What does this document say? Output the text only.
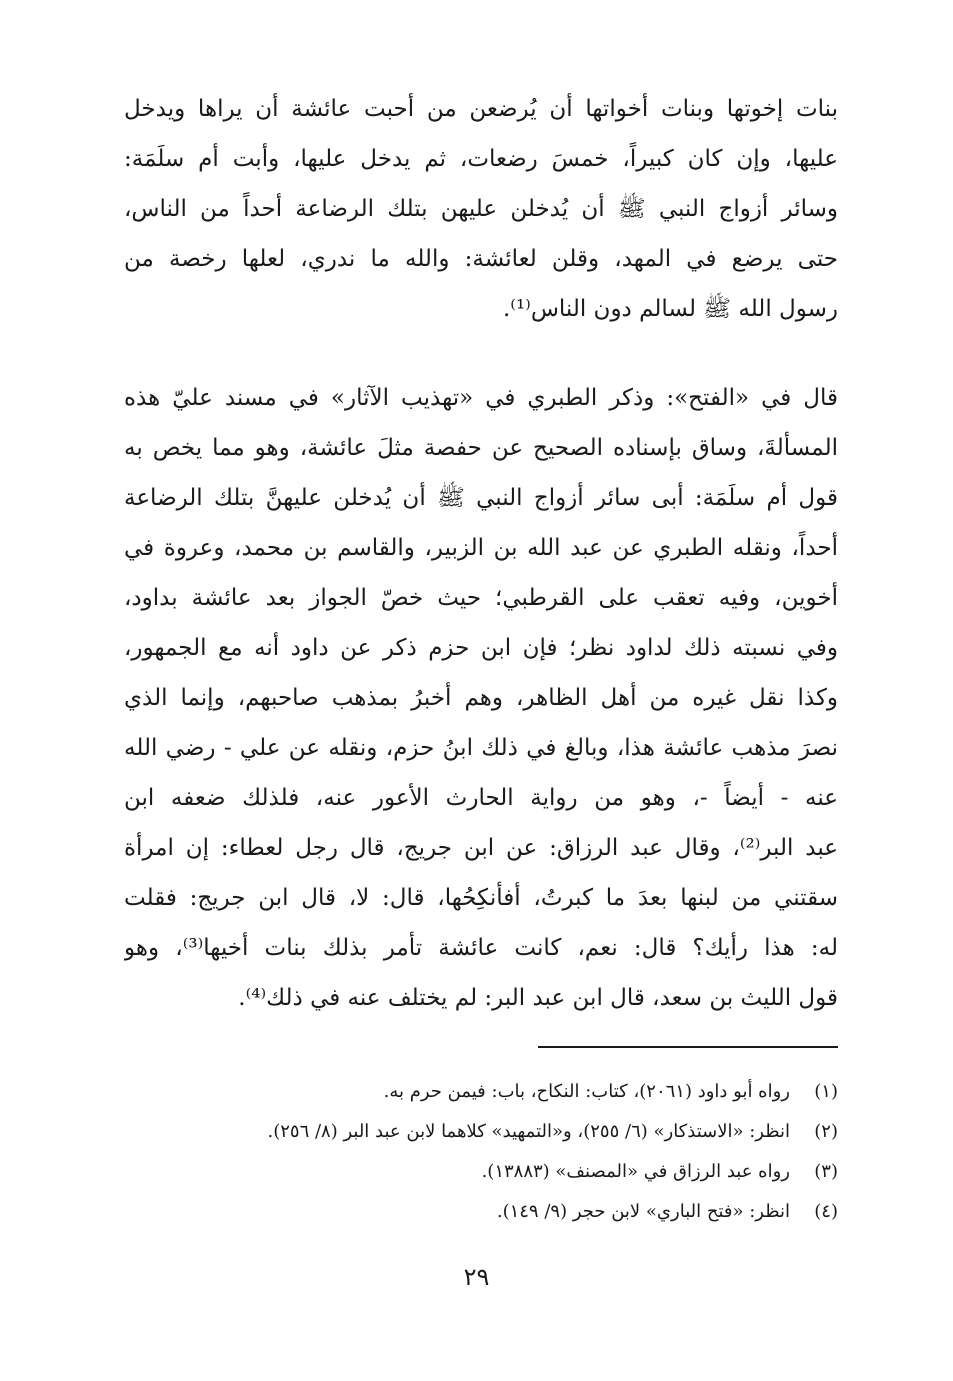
بنات إخوتها وبنات أخواتها أن يُرضعن من أحبت عائشة أن يراها ويدخل
عليها، وإن كان كبيراً، خمسَ رضعات، ثم يدخل عليها، وأبت أم سلَمَة:
وسائر أزواج النبي ﷺ أن يُدخلن عليهن بتلك الرضاعة أحداً من الناس،
حتى يرضع في المهد، وقلن لعائشة: والله ما ندري، لعلها رخصة من
رسول الله ﷺ لسالم دون الناس⁽¹⁾.
قال في «الفتح»: وذكر الطبري في «تهذيب الآثار» في مسند عليّ هذه
المسألةَ، وساق بإسناده الصحيح عن حفصة مثلَ عائشة، وهو مما يخص به
قول أم سلَمَة: أبى سائر أزواج النبي ﷺ أن يُدخلن عليهنَّ بتلك الرضاعة
أحداً، ونقله الطبري عن عبد الله بن الزبير، والقاسم بن محمد، وعروة في
أخوين، وفيه تعقب على القرطبي؛ حيث خصّ الجواز بعد عائشة بداود،
وفي نسبته ذلك لداود نظر؛ فإن ابن حزم ذكر عن داود أنه مع الجمهور،
وكذا نقل غيره من أهل الظاهر، وهم أخبرُ بمذهب صاحبهم، وإنما الذي
نصرَ مذهب عائشة هذا، وبالغ في ذلك ابنُ حزم، ونقله عن علي - رضي الله
عنه - أيضاً -، وهو من رواية الحارث الأعور عنه، فلذلك ضعفه ابن
عبد البر⁽²⁾، وقال عبد الرزاق: عن ابن جريج، قال رجل لعطاء: إن امرأة
سقتني من لبنها بعدَ ما كبرتُ، أفأنكِحُها، قال: لا، قال ابن جريج: فقلت
له: هذا رأيك؟ قال: نعم، كانت عائشة تأمر بذلك بنات أخيها⁽³⁾، وهو
قول الليث بن سعد، قال ابن عبد البر: لم يختلف عنه في ذلك⁽⁴⁾.
(١)
رواه أبو داود (٢٠٦١)، كتاب: النكاح، باب: فيمن حرم به.
(٢)
انظر: «الاستذكار» (٦/ ٢٥٥)، و«التمهيد» كلاهما لابن عبد البر (٨/ ٢٥٦).
(٣)
رواه عبد الرزاق في «المصنف» (١٣٨٨٣).
(٤)
انظر: «فتح الباري» لابن حجر (٩/ ١٤٩).
٢٩
